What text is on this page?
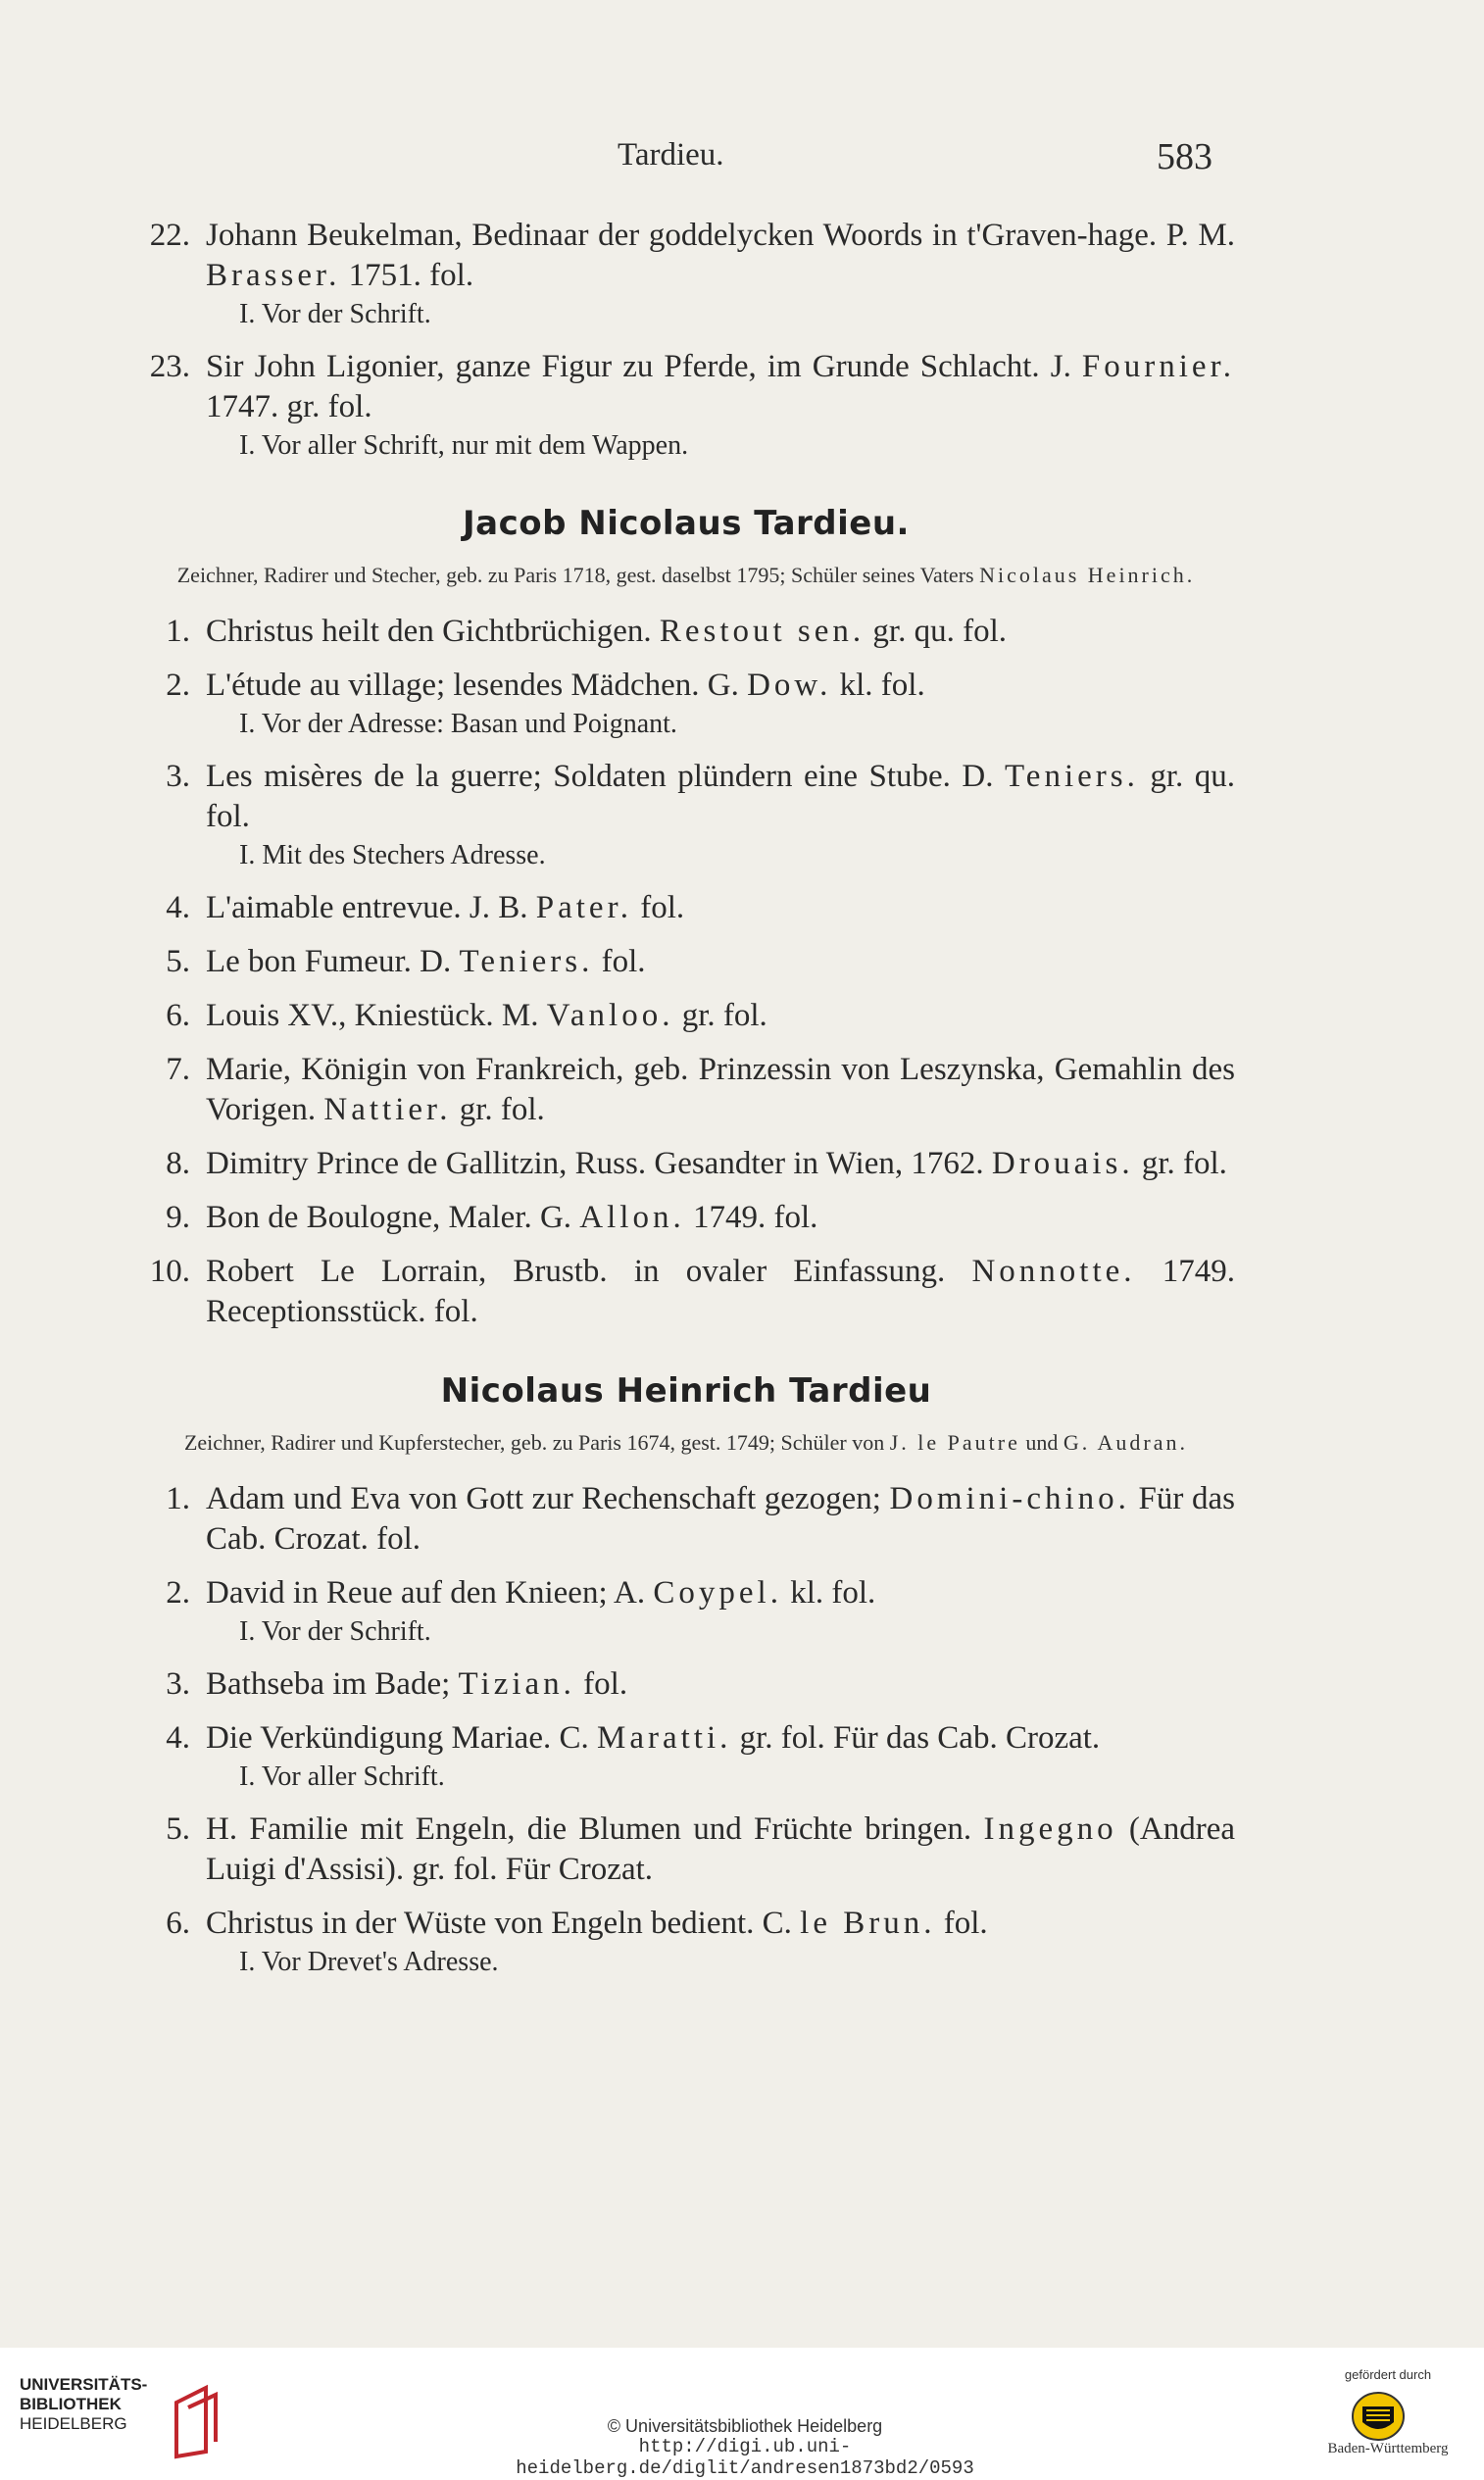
Tardieu.	583
22. Johann Beukelman, Bedinaar der goddelycken Woords in t'Graven-hage. P. M. Brasser. 1751. fol.
I. Vor der Schrift.
23. Sir John Ligonier, ganze Figur zu Pferde, im Grunde Schlacht. J. Fournier. 1747. gr. fol.
I. Vor aller Schrift, nur mit dem Wappen.
Jacob Nicolaus Tardieu.
Zeichner, Radirer und Stecher, geb. zu Paris 1718, gest. daselbst 1795; Schüler seines Vaters Nicolaus Heinrich.
1. Christus heilt den Gichtbrüchigen. Restout sen. gr. qu. fol.
2. L'étude au village; lesendes Mädchen. G. Dow. kl. fol.
I. Vor der Adresse: Basan und Poignant.
3. Les misères de la guerre; Soldaten plündern eine Stube. D. Teniers. gr. qu. fol.
I. Mit des Stechers Adresse.
4. L'aimable entrevue. J. B. Pater. fol.
5. Le bon Fumeur. D. Teniers. fol.
6. Louis XV., Kniestück. M. Vanloo. gr. fol.
7. Marie, Königin von Frankreich, geb. Prinzessin von Leszynska, Gemahlin des Vorigen. Nattier. gr. fol.
8. Dimitry Prince de Gallitzin, Russ. Gesandter in Wien, 1762. Drouais. gr. fol.
9. Bon de Boulogne, Maler. G. Allon. 1749. fol.
10. Robert Le Lorrain, Brustb. in ovaler Einfassung. Nonnotte. 1749. Receptionsstück. fol.
Nicolaus Heinrich Tardieu
Zeichner, Radirer und Kupferstecher, geb. zu Paris 1674, gest. 1749; Schüler von J. le Pautre und G. Audran.
1. Adam und Eva von Gott zur Rechenschaft gezogen; Domini-chino. Für das Cab. Crozat. fol.
2. David in Reue auf den Knieen; A. Coypel. kl. fol.
I. Vor der Schrift.
3. Bathseba im Bade; Tizian. fol.
4. Die Verkündigung Mariae. C. Maratti. gr. fol. Für das Cab. Crozat.
I. Vor aller Schrift.
5. H. Familie mit Engeln, die Blumen und Früchte bringen. Ingegno (Andrea Luigi d'Assisi). gr. fol. Für Crozat.
6. Christus in der Wüste von Engeln bedient. C. le Brun. fol.
I. Vor Drevet's Adresse.
UNIVERSITÄTS-
BIBLIOTHEK
HEIDELBERG	© Universitätsbibliothek Heidelberg
http://digi.ub.uni-heidelberg.de/diglit/andresen1873bd2/0593
gefördert durch
Baden-Württemberg
